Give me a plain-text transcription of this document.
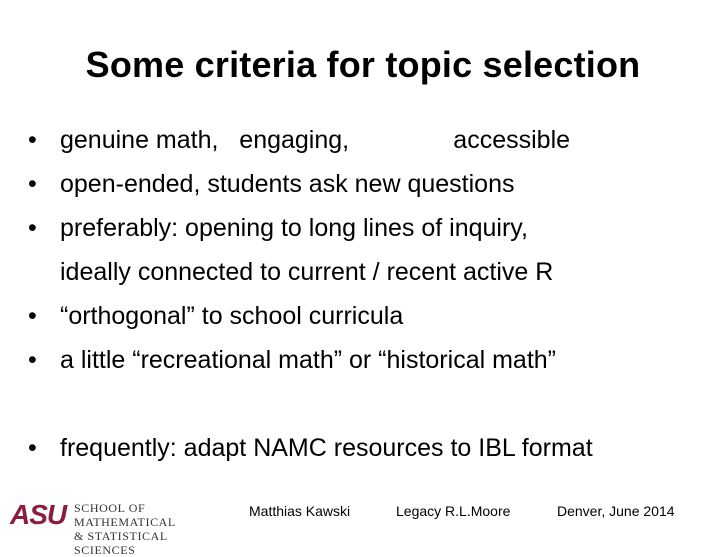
Some criteria for topic selection
• genuine math,   engaging,               accessible
• open-ended, students ask new questions
• preferably: opening to long lines of inquiry,
ideally connected to current / recent active R
• “orthogonal” to school curricula
• a little “recreational math” or “historical math”
• frequently: adapt NAMC resources to IBL format
ASU SCHOOL OF MATHEMATICAL
& STATISTICAL SCIENCES
Matthias Kawski	Legacy R.L.Moore	Denver, June 2014
